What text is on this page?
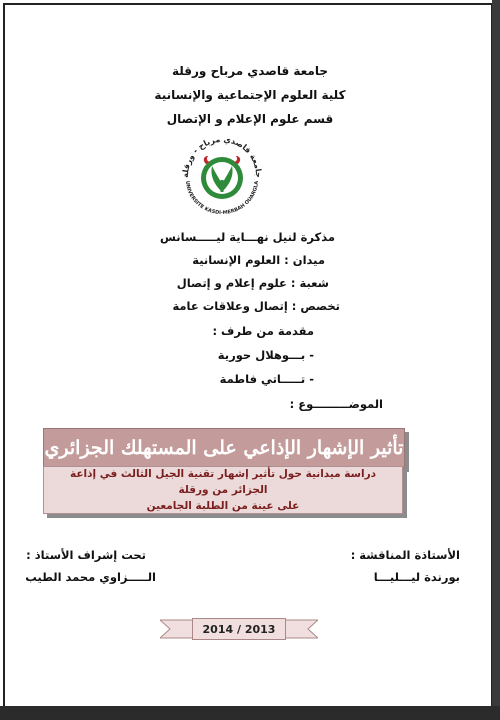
جامعة قاصدي مرباح ورقلة
كلية العلوم الإجتماعية والإنسانية
قسم علوم الإعلام و الإتصال
جامعة قاصدي مرباح - ورقلة
UNIVERSITE KASDI-MERBAH OUARGLA
مذكرة لنيل نهـــاية ليـــــسانس
ميدان : العلوم الإنسانية
شعبة : علوم إعلام و إتصال
تخصص : إتصال وعلاقات عامة
مقدمة من طرف :
- بـــوهلال حورية
- تـــــاتي فاطمة
الموضـــــــــوع :
تأثير الإشهار الإذاعي على المستهلك الجزائري
دراسة ميدانية حول تأثير إشهار تقنية الجيل الثالث في إذاعة الجزائر من ورقلة
على عينة من الطلبة الجامعين
الأستاذة المناقشة :
بورندة ليـــليـــا
تحت إشراف الأستاذ :
الـــــزاوي محمد الطيب
2014 / 2013
